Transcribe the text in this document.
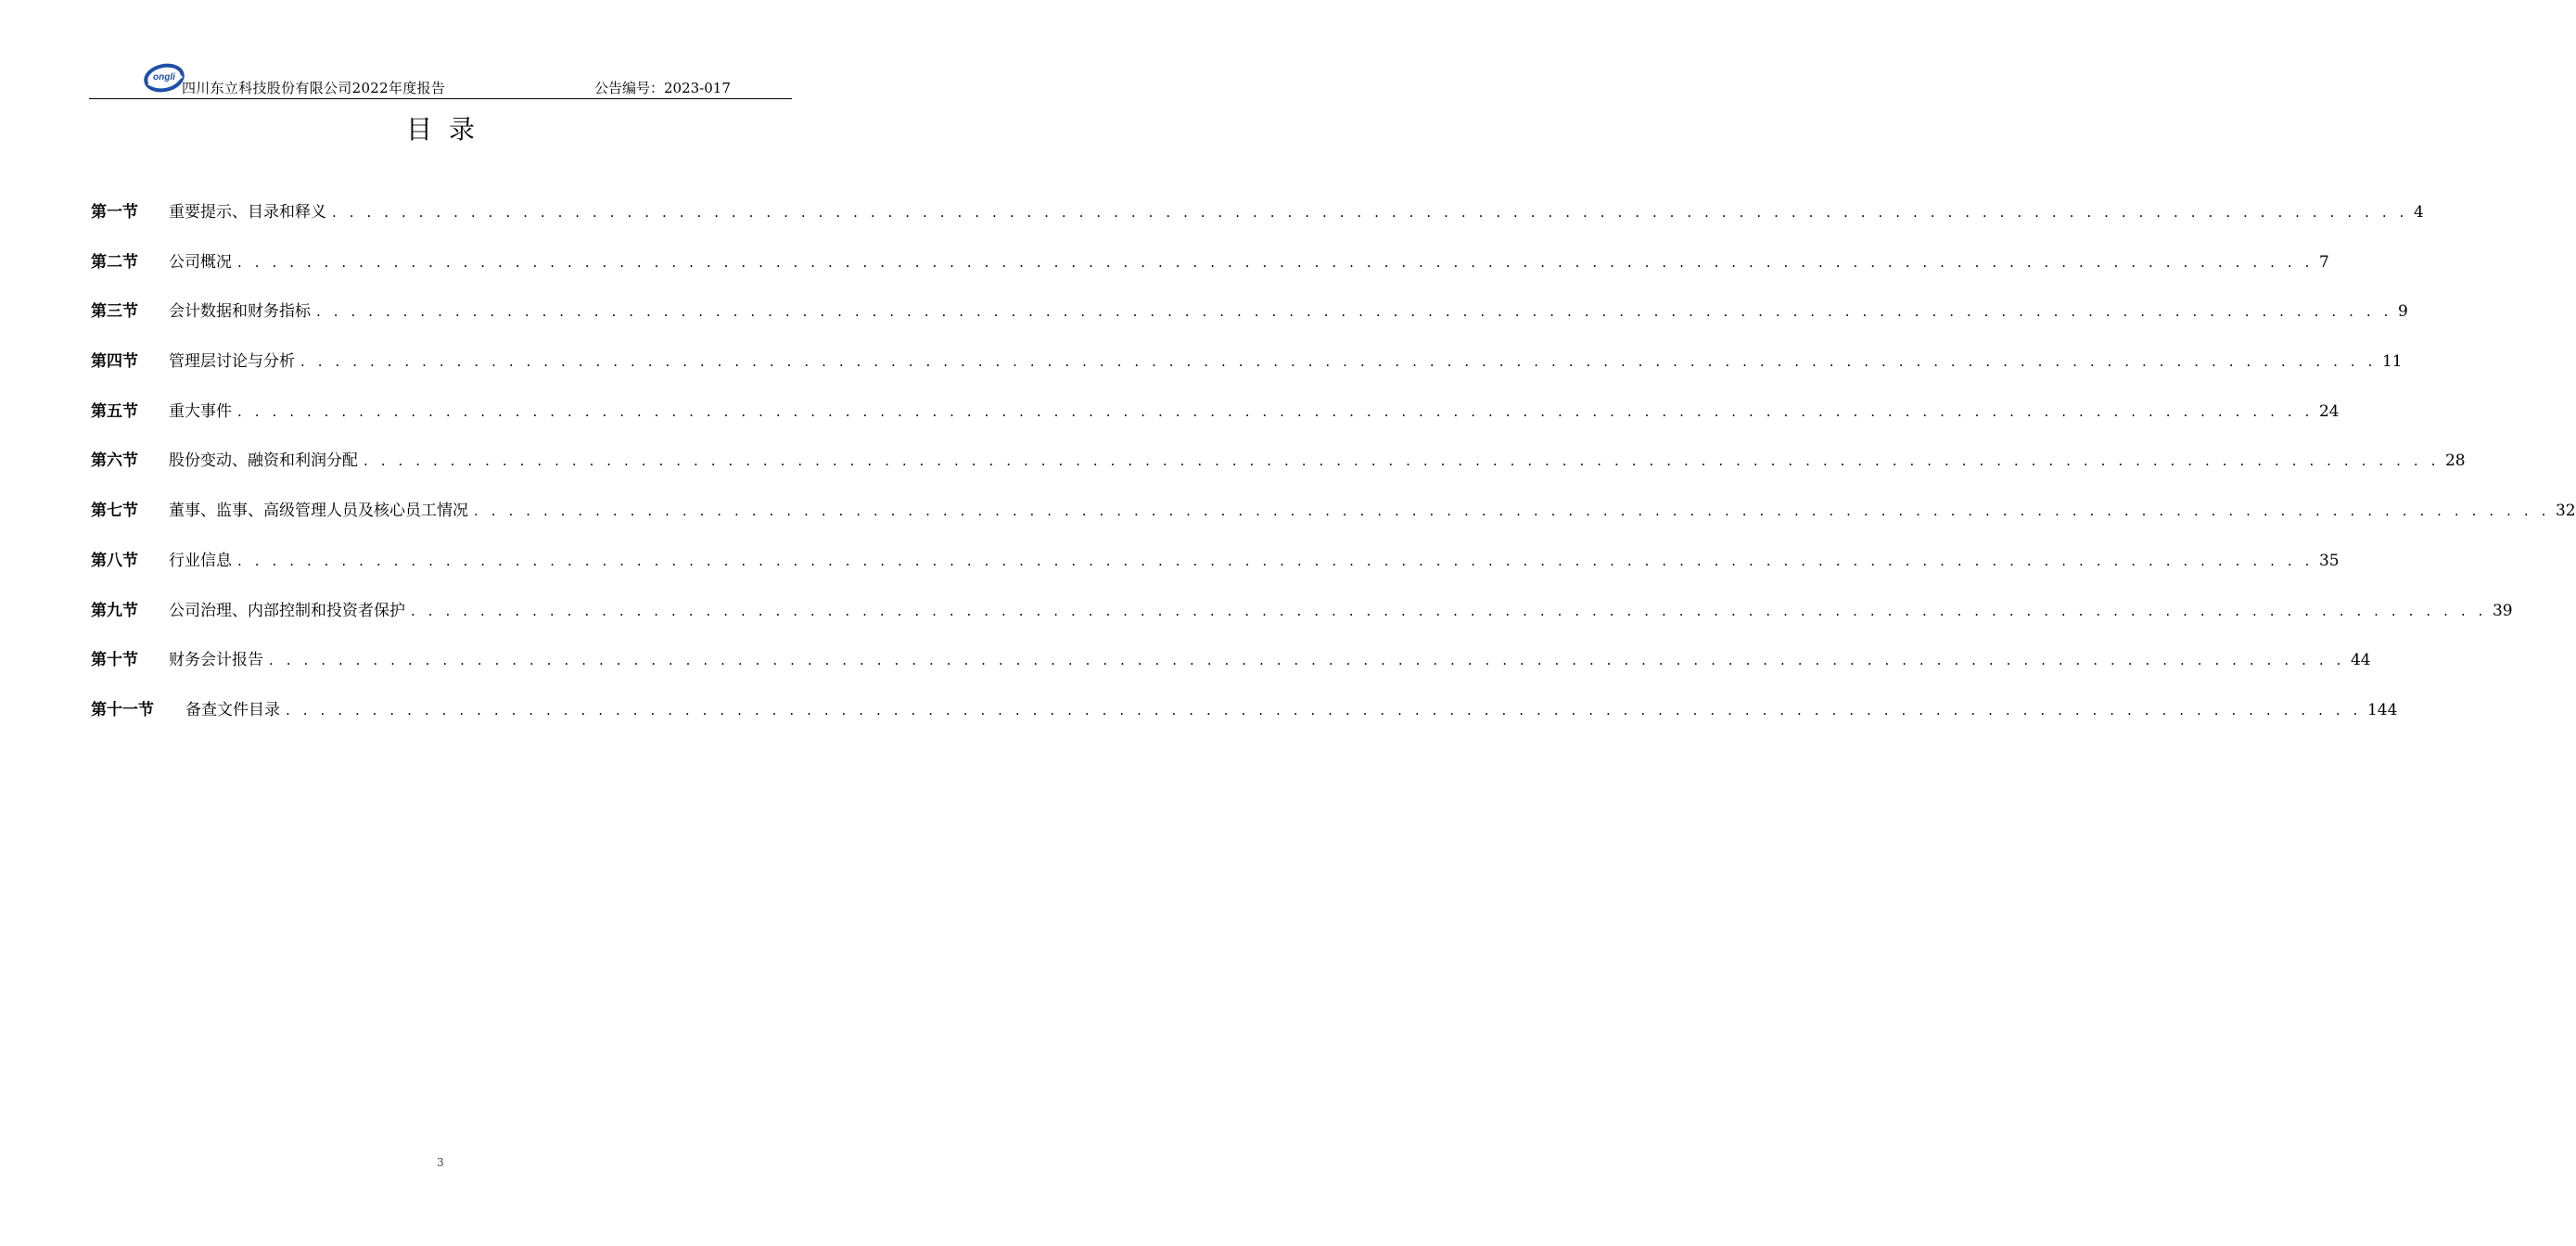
ongli
四川东立科技股份有限公司2022年度报告	公告编号：2023-017
目录
第一节	重要提示、目录和释义 . . . . . . . . . . . . . . . . . . . . . . . . . . . . . . . . . . . . . . . . . . . . . . . . . . . . . . . . . . . . . . . . . . . . . . . . . . . . . . . . . . . . . . . . . . . . . . . . . . . . . . . . . . . . . . . . . . . . . . . . 4
第二节	公司概况 . . . . . . . . . . . . . . . . . . . . . . . . . . . . . . . . . . . . . . . . . . . . . . . . . . . . . . . . . . . . . . . . . . . . . . . . . . . . . . . . . . . . . . . . . . . . . . . . . . . . . . . . . . . . . . . . . . . . . . . . 7
第三节	会计数据和财务指标 . . . . . . . . . . . . . . . . . . . . . . . . . . . . . . . . . . . . . . . . . . . . . . . . . . . . . . . . . . . . . . . . . . . . . . . . . . . . . . . . . . . . . . . . . . . . . . . . . . . . . . . . . . . . . . . . . . . . . . . . 9
第四节	管理层讨论与分析 . . . . . . . . . . . . . . . . . . . . . . . . . . . . . . . . . . . . . . . . . . . . . . . . . . . . . . . . . . . . . . . . . . . . . . . . . . . . . . . . . . . . . . . . . . . . . . . . . . . . . . . . . . . . . . . . . . . . . . . . 11
第五节	重大事件 . . . . . . . . . . . . . . . . . . . . . . . . . . . . . . . . . . . . . . . . . . . . . . . . . . . . . . . . . . . . . . . . . . . . . . . . . . . . . . . . . . . . . . . . . . . . . . . . . . . . . . . . . . . . . . . . . . . . . . . . 24
第六节	股份变动、融资和利润分配 . . . . . . . . . . . . . . . . . . . . . . . . . . . . . . . . . . . . . . . . . . . . . . . . . . . . . . . . . . . . . . . . . . . . . . . . . . . . . . . . . . . . . . . . . . . . . . . . . . . . . . . . . . . . . . . . . . . . . . . . 28
第七节	董事、监事、高级管理人员及核心员工情况 . . . . . . . . . . . . . . . . . . . . . . . . . . . . . . . . . . . . . . . . . . . . . . . . . . . . . . . . . . . . . . . . . . . . . . . . . . . . . . . . . . . . . . . . . . . . . . . . . . . . . . . . . . . . . . . . . . . . . . . . 32
第八节	行业信息 . . . . . . . . . . . . . . . . . . . . . . . . . . . . . . . . . . . . . . . . . . . . . . . . . . . . . . . . . . . . . . . . . . . . . . . . . . . . . . . . . . . . . . . . . . . . . . . . . . . . . . . . . . . . . . . . . . . . . . . . 35
第九节	公司治理、内部控制和投资者保护 . . . . . . . . . . . . . . . . . . . . . . . . . . . . . . . . . . . . . . . . . . . . . . . . . . . . . . . . . . . . . . . . . . . . . . . . . . . . . . . . . . . . . . . . . . . . . . . . . . . . . . . . . . . . . . . . . . . . . . . . 39
第十节	财务会计报告 . . . . . . . . . . . . . . . . . . . . . . . . . . . . . . . . . . . . . . . . . . . . . . . . . . . . . . . . . . . . . . . . . . . . . . . . . . . . . . . . . . . . . . . . . . . . . . . . . . . . . . . . . . . . . . . . . . . . . . . . 44
第十一节	备查文件目录 . . . . . . . . . . . . . . . . . . . . . . . . . . . . . . . . . . . . . . . . . . . . . . . . . . . . . . . . . . . . . . . . . . . . . . . . . . . . . . . . . . . . . . . . . . . . . . . . . . . . . . . . . . . . . . . . . . . . . . . . 144
3
